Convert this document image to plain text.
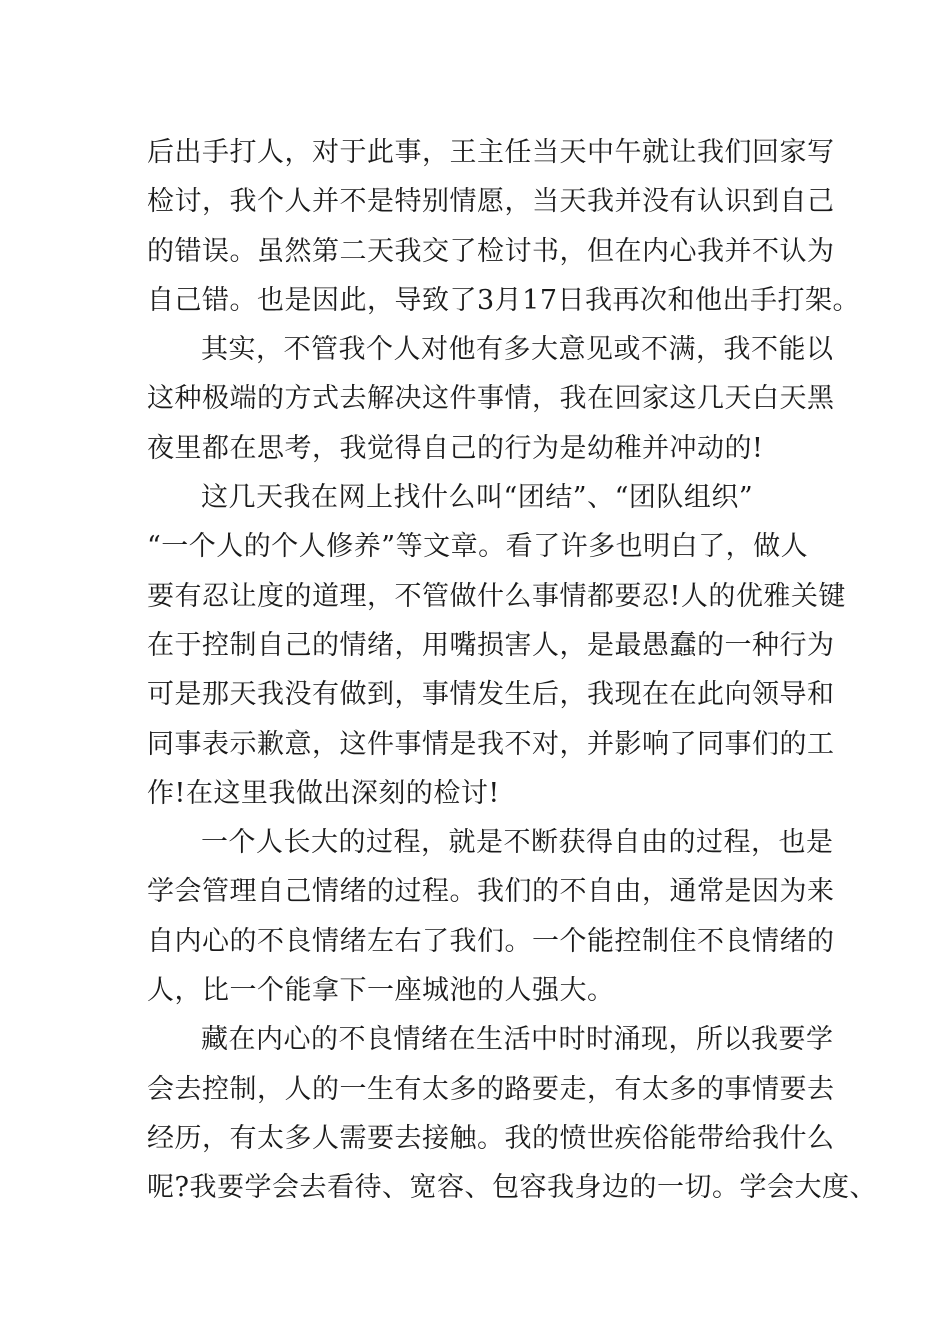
后出手打人，对于此事，王主任当天中午就让我们回家写
检讨，我个人并不是特别情愿，当天我并没有认识到自己
的错误。虽然第二天我交了检讨书，但在内心我并不认为
自己错。也是因此，导致了3月17日我再次和他出手打架。
其实，不管我个人对他有多大意见或不满，我不能以
这种极端的方式去解决这件事情，我在回家这几天白天黑
夜里都在思考，我觉得自己的行为是幼稚并冲动的!
这几天我在网上找什么叫“团结”、“团队组织”
“一个人的个人修养”等文章。看了许多也明白了，做人
要有忍让度的道理，不管做什么事情都要忍!人的优雅关键
在于控制自己的情绪，用嘴损害人，是最愚蠢的一种行为
可是那天我没有做到，事情发生后，我现在在此向领导和
同事表示歉意，这件事情是我不对，并影响了同事们的工
作!在这里我做出深刻的检讨!
一个人长大的过程，就是不断获得自由的过程，也是
学会管理自己情绪的过程。我们的不自由，通常是因为来
自内心的不良情绪左右了我们。一个能控制住不良情绪的
人，比一个能拿下一座城池的人强大。
藏在内心的不良情绪在生活中时时涌现，所以我要学
会去控制，人的一生有太多的路要走，有太多的事情要去
经历，有太多人需要去接触。我的愤世疾俗能带给我什么
呢?我要学会去看待、宽容、包容我身边的一切。学会大度、
